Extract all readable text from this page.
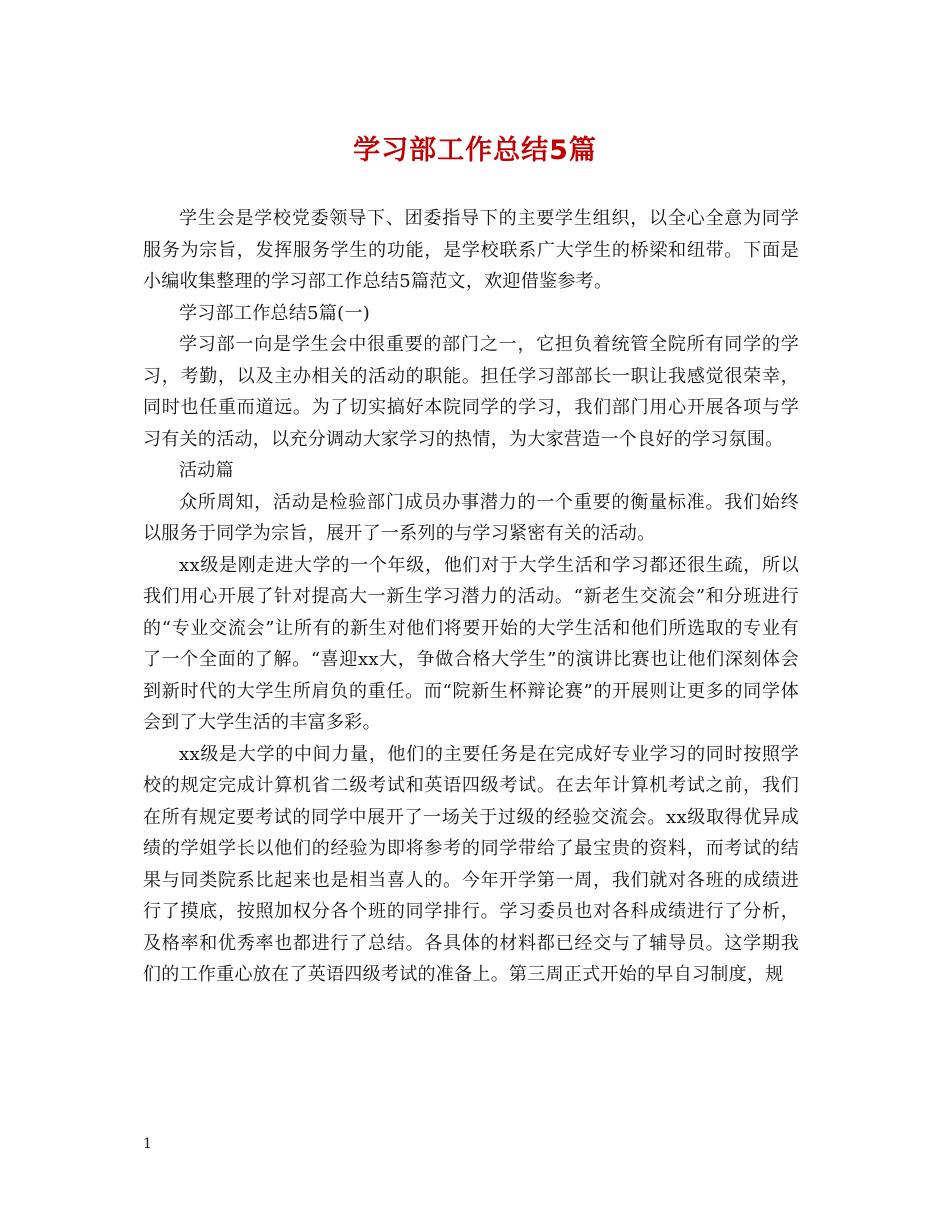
学习部工作总结5篇

学生会是学校党委领导下、团委指导下的主要学生组织，以全心全意为同学服务为宗旨，发挥服务学生的功能，是学校联系广大学生的桥梁和纽带。下面是小编收集整理的学习部工作总结5篇范文，欢迎借鉴参考。

学习部工作总结5篇(一)

学习部一向是学生会中很重要的部门之一，它担负着统管全院所有同学的学习，考勤，以及主办相关的活动的职能。担任学习部部长一职让我感觉很荣幸，同时也任重而道远。为了切实搞好本院同学的学习，我们部门用心开展各项与学习有关的活动，以充分调动大家学习的热情，为大家营造一个良好的学习氛围。

活动篇

众所周知，活动是检验部门成员办事潜力的一个重要的衡量标准。我们始终以服务于同学为宗旨，展开了一系列的与学习紧密有关的活动。

xx级是刚走进大学的一个年级，他们对于大学生活和学习都还很生疏，所以我们用心开展了针对提高大一新生学习潜力的活动。“新老生交流会”和分班进行的“专业交流会”让所有的新生对他们将要开始的大学生活和他们所选取的专业有了一个全面的了解。“喜迎xx大，争做合格大学生”的演讲比赛也让他们深刻体会到新时代的大学生所肩负的重任。而“院新生杯辩论赛”的开展则让更多的同学体会到了大学生活的丰富多彩。

xx级是大学的中间力量，他们的主要任务是在完成好专业学习的同时按照学校的规定完成计算机省二级考试和英语四级考试。在去年计算机考试之前，我们在所有规定要考试的同学中展开了一场关于过级的经验交流会。xx级取得优异成绩的学姐学长以他们的经验为即将参考的同学带给了最宝贵的资料，而考试的结果与同类院系比起来也是相当喜人的。今年开学第一周，我们就对各班的成绩进行了摸底，按照加权分各个班的同学排行。学习委员也对各科成绩进行了分析，及格率和优秀率也都进行了总结。各具体的材料都已经交与了辅导员。这学期我们的工作重心放在了英语四级考试的准备上。第三周正式开始的早自习制度，规

1
